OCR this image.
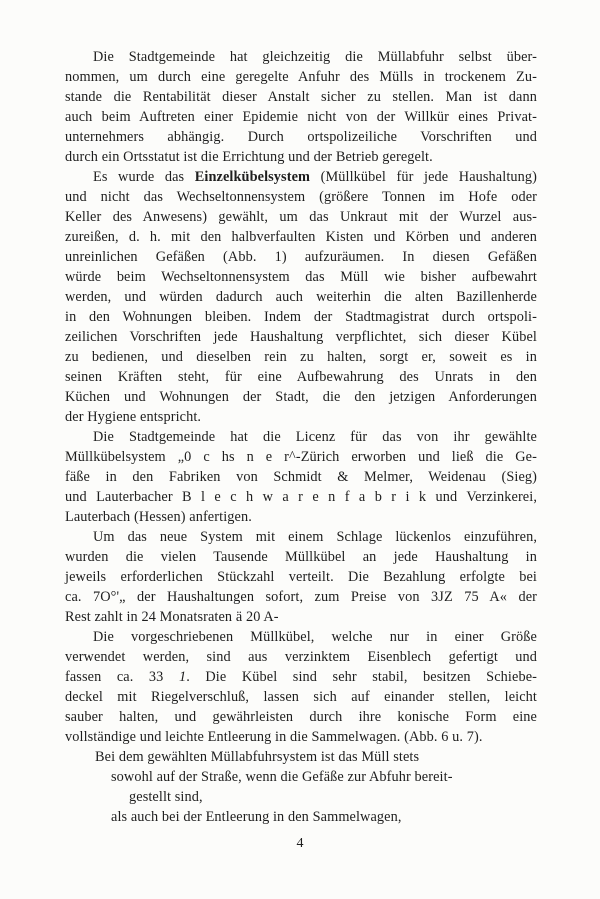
Die Stadtgemeinde hat gleichzeitig die Müllabfuhr selbst über-
nommen, um durch eine geregelte Anfuhr des Mülls in trockenem Zu-
stande die Rentabilität dieser Anstalt sicher zu stellen. Man ist dann
auch beim Auftreten einer Epidemie nicht von der Willkür eines Privat-
unternehmers abhängig. Durch ortspolizeiliche Vorschriften und
durch ein Ortsstatut ist die Errichtung und der Betrieb geregelt.
Es wurde das Einzelkübelsystem (Müllkübel für jede Haushaltung)
und nicht das Wechseltonnensystem (größere Tonnen im Hofe oder
Keller des Anwesens) gewählt, um das Unkraut mit der Wurzel aus-
zureißen, d. h. mit den halbverfaulten Kisten und Körben und anderen
unreinlichen Gefäßen (Abb. 1) aufzuräumen. In diesen Gefäßen
würde beim Wechseltonnensystem das Müll wie bisher aufbewahrt
werden, und würden dadurch auch weiterhin die alten Bazillenherde
in den Wohnungen bleiben. Indem der Stadtmagistrat durch ortspoli-
zeilichen Vorschriften jede Haushaltung verpflichtet, sich dieser Kübel
zu bedienen, und dieselben rein zu halten, sorgt er, soweit es in
seinen Kräften steht, für eine Aufbewahrung des Unrats in den
Küchen und Wohnungen der Stadt, die den jetzigen Anforderungen
der Hygiene entspricht.
Die Stadtgemeinde hat die Licenz für das von ihr gewählte
Müllkübelsystem „0 c hs n e r^-Zürich erworben und ließ die Ge-
fäße in den Fabriken von Schmidt & Melmer, Weidenau (Sieg)
und Lauterbacher B l e c h w a r e n f a b r i k und Verzinkerei,
Lauterbach (Hessen) anfertigen.
Um das neue System mit einem Schlage lückenlos einzuführen,
wurden die vielen Tausende Müllkübel an jede Haushaltung in
jeweils erforderlichen Stückzahl verteilt. Die Bezahlung erfolgte bei
ca. 7O°'„ der Haushaltungen sofort, zum Preise von 3JZ 75 A« der
Rest zahlt in 24 Monatsraten ä 20 A-
Die vorgeschriebenen Müllkübel, welche nur in einer Größe
verwendet werden, sind aus verzinktem Eisenblech gefertigt und
fassen ca. 33 1. Die Kübel sind sehr stabil, besitzen Schiebe-
deckel mit Riegelverschluß, lassen sich auf einander stellen, leicht
sauber halten, und gewährleisten durch ihre konische Form eine
vollständige und leichte Entleerung in die Sammelwagen. (Abb. 6 u. 7).
Bei dem gewählten Müllabfuhrsystem ist das Müll stets
sowohl auf der Straße, wenn die Gefäße zur Abfuhr bereit-
gestellt sind,
als auch bei der Entleerung in den Sammelwagen,
4
